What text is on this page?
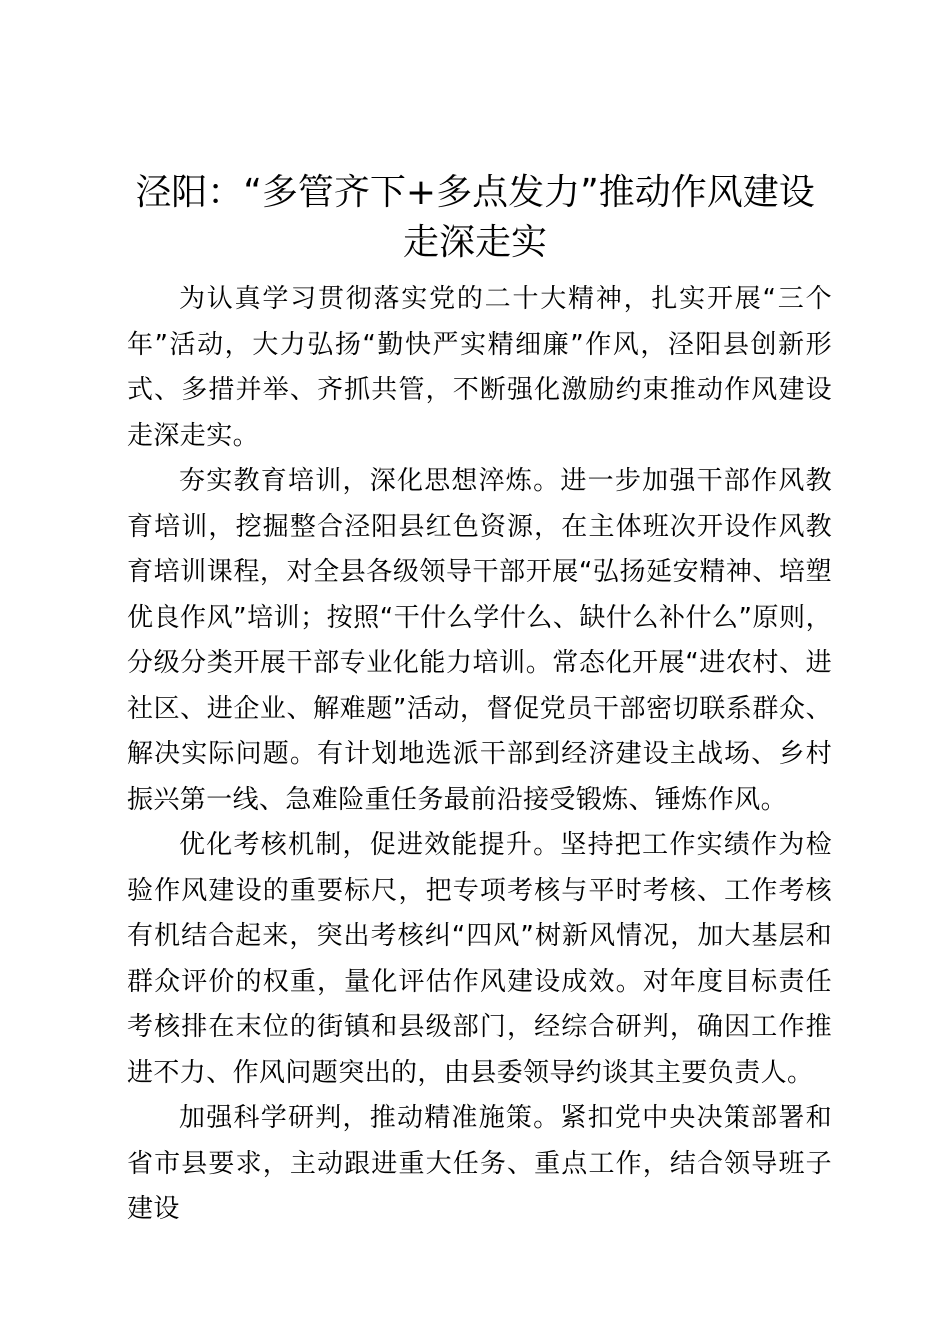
泾阳：“多管齐下+多点发力”推动作风建设
走深走实

为认真学习贯彻落实党的二十大精神，扎实开展“三个年”活动，大力弘扬“勤快严实精细廉”作风，泾阳县创新形式、多措并举、齐抓共管，不断强化激励约束推动作风建设走深走实。

夯实教育培训，深化思想淬炼。进一步加强干部作风教育培训，挖掘整合泾阳县红色资源，在主体班次开设作风教育培训课程，对全县各级领导干部开展“弘扬延安精神、培塑优良作风”培训；按照“干什么学什么、缺什么补什么”原则，分级分类开展干部专业化能力培训。常态化开展“进农村、进社区、进企业、解难题”活动，督促党员干部密切联系群众、解决实际问题。有计划地选派干部到经济建设主战场、乡村振兴第一线、急难险重任务最前沿接受锻炼、锤炼作风。

优化考核机制，促进效能提升。坚持把工作实绩作为检验作风建设的重要标尺，把专项考核与平时考核、工作考核有机结合起来，突出考核纠“四风”树新风情况，加大基层和群众评价的权重，量化评估作风建设成效。对年度目标责任考核排在末位的街镇和县级部门，经综合研判，确因工作推进不力、作风问题突出的，由县委领导约谈其主要负责人。

加强科学研判，推动精准施策。紧扣党中央决策部署和省市县要求，主动跟进重大任务、重点工作，结合领导班子建设
